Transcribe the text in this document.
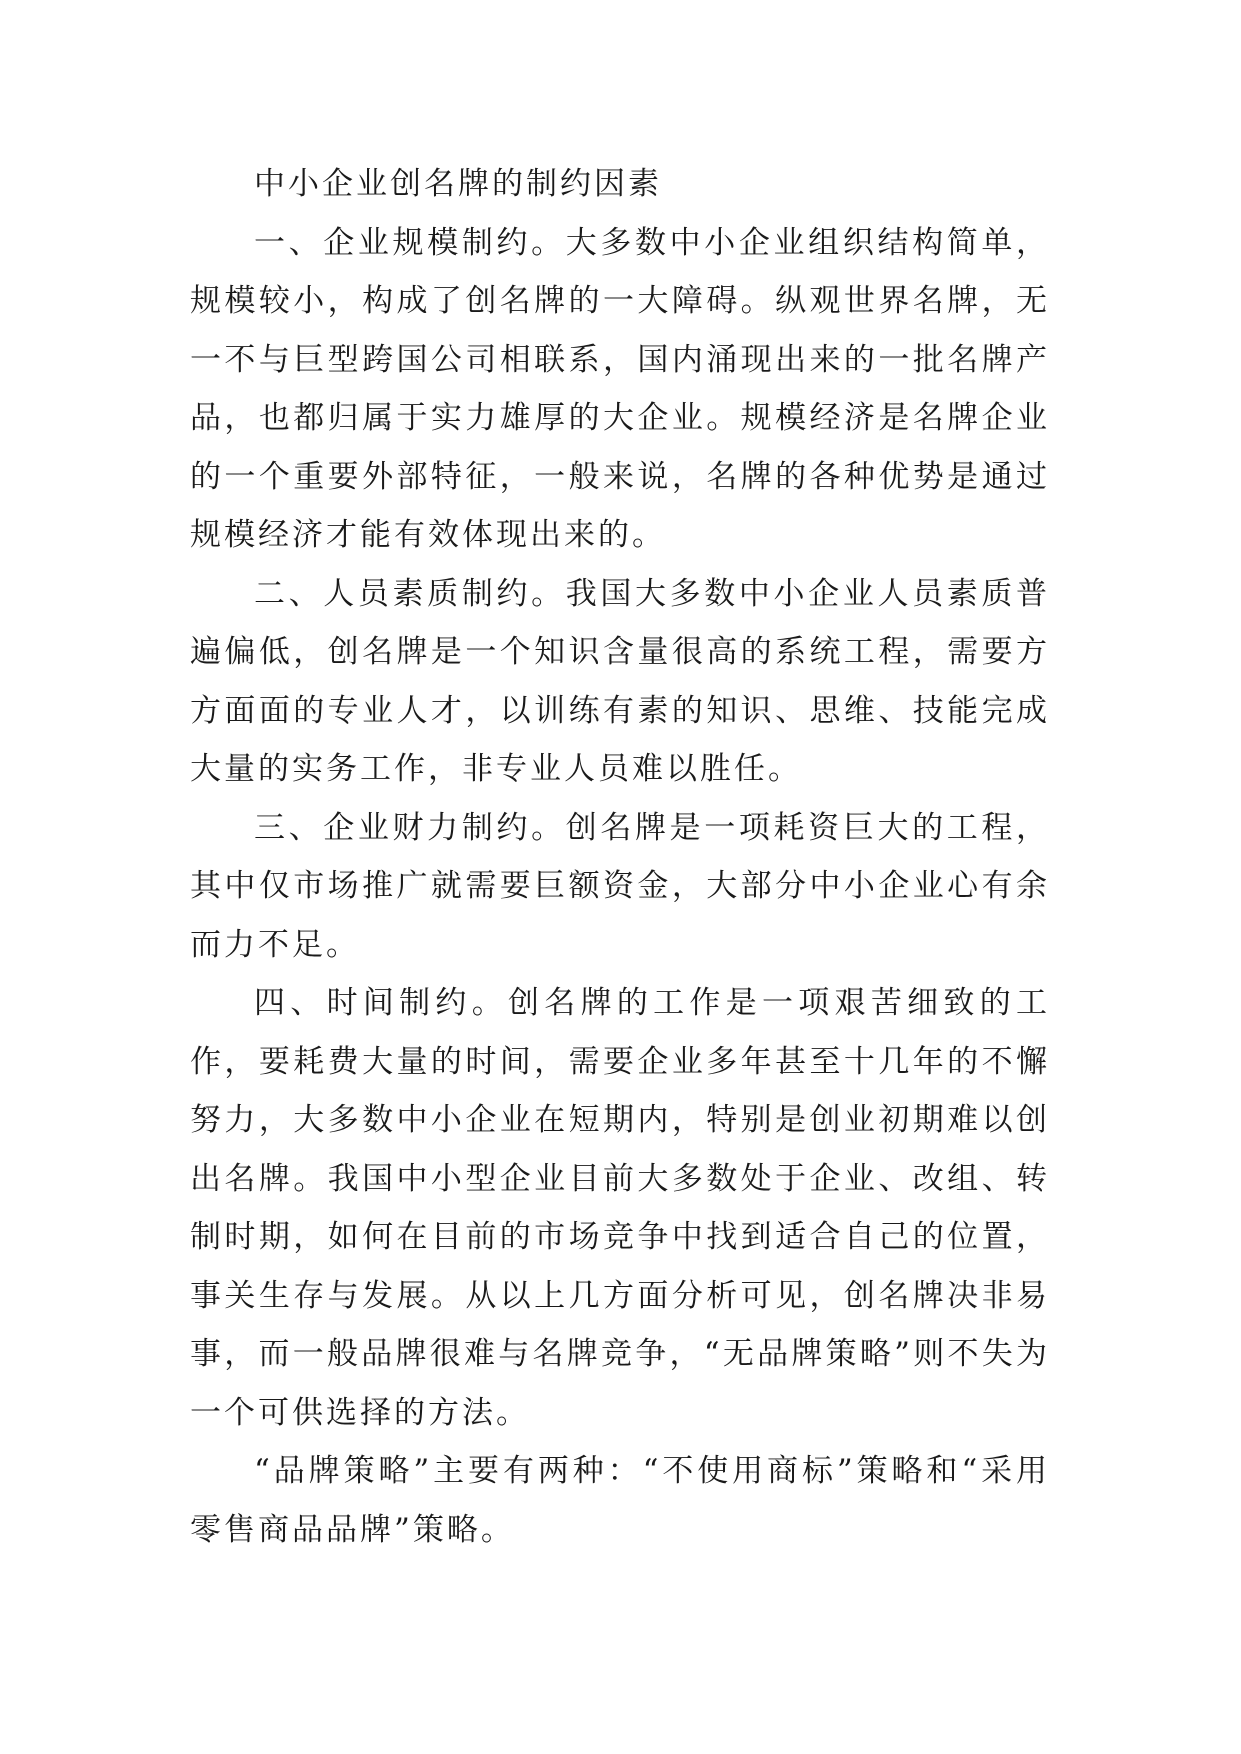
中小企业创名牌的制约因素

一、企业规模制约。大多数中小企业组织结构简单，规模较小，构成了创名牌的一大障碍。纵观世界名牌，无一不与巨型跨国公司相联系，国内涌现出来的一批名牌产品，也都归属于实力雄厚的大企业。规模经济是名牌企业的一个重要外部特征，一般来说，名牌的各种优势是通过规模经济才能有效体现出来的。

二、人员素质制约。我国大多数中小企业人员素质普遍偏低，创名牌是一个知识含量很高的系统工程，需要方方面面的专业人才，以训练有素的知识、思维、技能完成大量的实务工作，非专业人员难以胜任。

三、企业财力制约。创名牌是一项耗资巨大的工程，其中仅市场推广就需要巨额资金，大部分中小企业心有余而力不足。

四、时间制约。创名牌的工作是一项艰苦细致的工作，要耗费大量的时间，需要企业多年甚至十几年的不懈努力，大多数中小企业在短期内，特别是创业初期难以创出名牌。我国中小型企业目前大多数处于企业、改组、转制时期，如何在目前的市场竞争中找到适合自己的位置，事关生存与发展。从以上几方面分析可见，创名牌决非易事，而一般品牌很难与名牌竞争，“无品牌策略”则不失为一个可供选择的方法。

“品牌策略”主要有两种：“不使用商标”策略和“采用零售商品品牌”策略。
